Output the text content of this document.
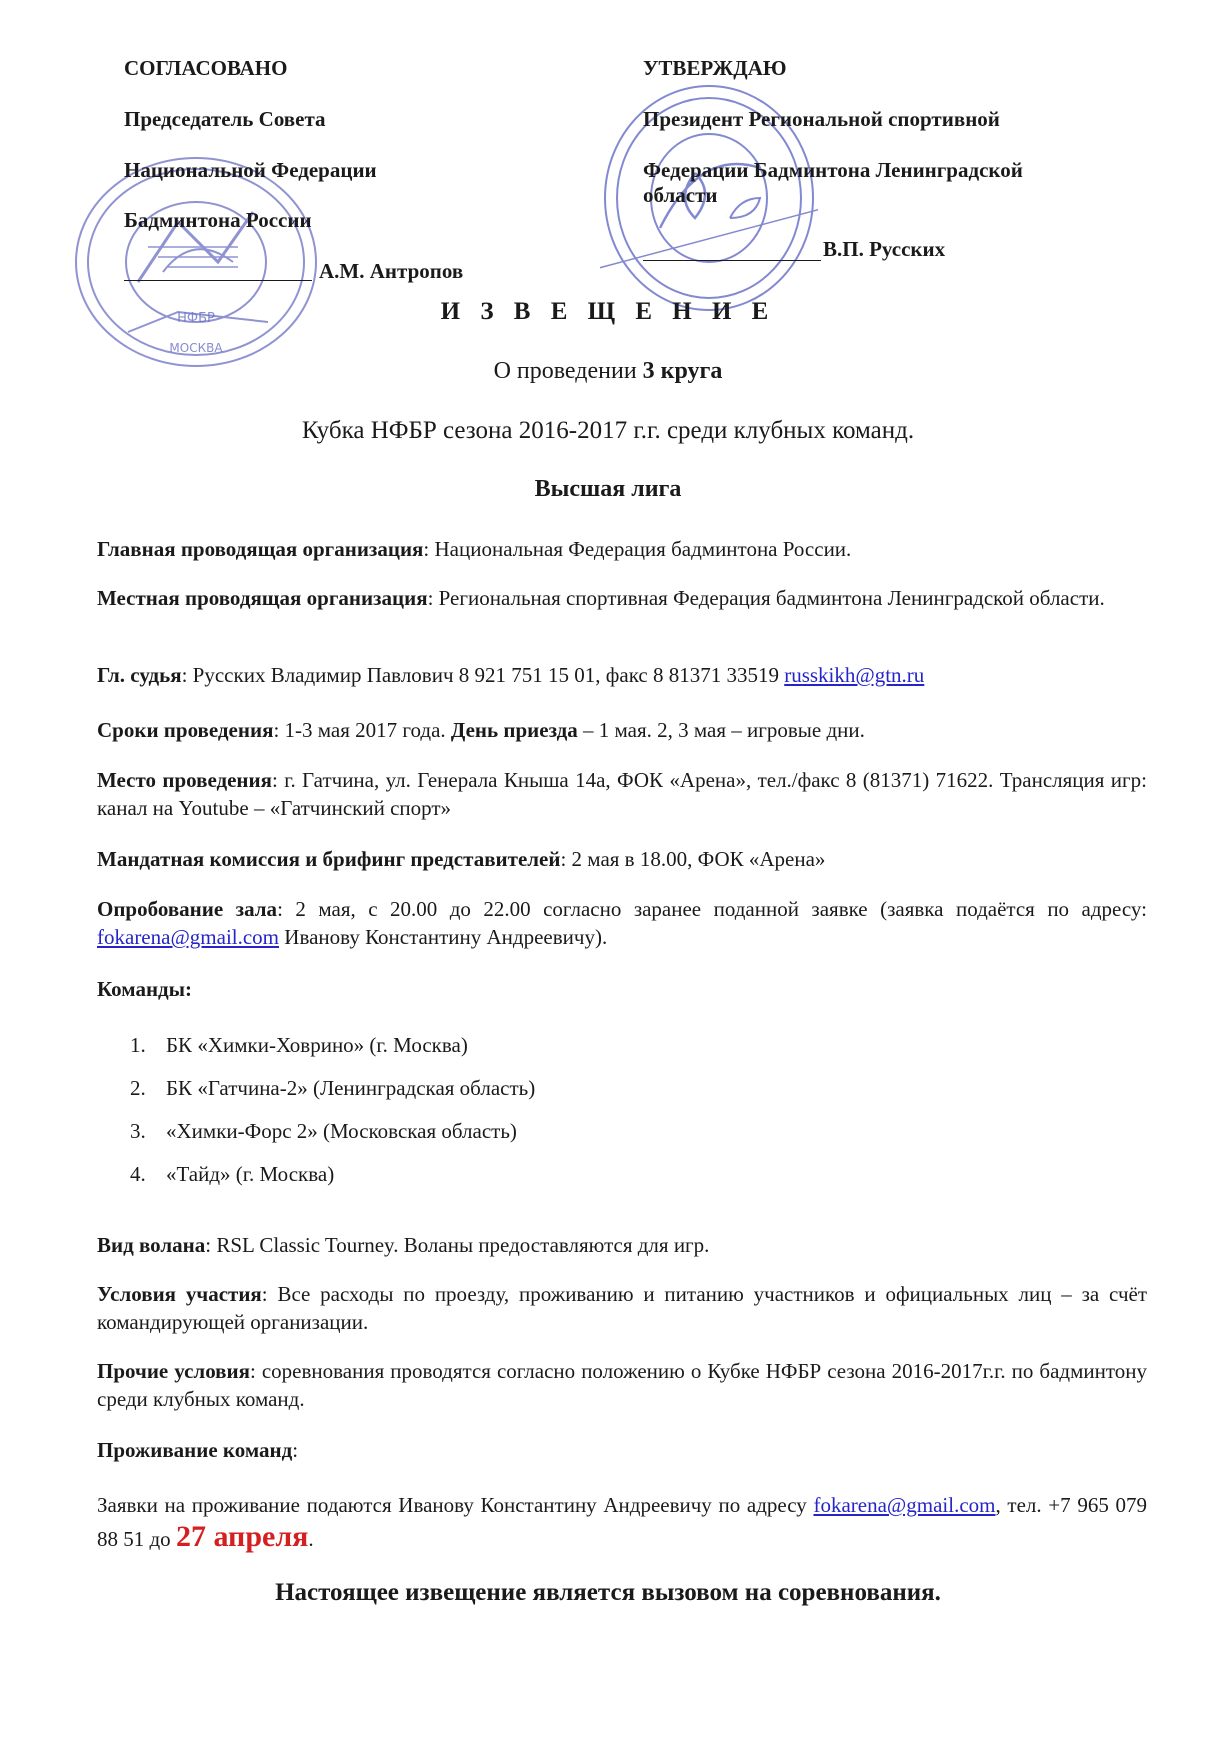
НФБР
МОСКВА
СОГЛАСОВАНО
Председатель Совета
Национальной Федерации
Бадминтона России
А.М. Антропов
УТВЕРЖДАЮ
Президент Региональной спортивной
Федерации Бадминтона Ленинградской
области
В.П. Русских
И З В Е Щ Е Н И Е
О проведении 3 круга
Кубка НФБР сезона 2016-2017 г.г. среди клубных команд.
Высшая лига
Главная проводящая организация: Национальная Федерация бадминтона России.
Местная проводящая организация: Региональная спортивная Федерация бадминтона Ленинградской области.
Гл. судья: Русских Владимир Павлович 8 921 751 15 01, факс 8 81371 33519 russkikh@gtn.ru
Сроки проведения: 1-3 мая 2017 года. День приезда – 1 мая. 2, 3 мая – игровые дни.
Место проведения: г. Гатчина, ул. Генерала Кныша 14а, ФОК «Арена», тел./факс 8 (81371) 71622. Трансляция игр: канал на Youtube – «Гатчинский спорт»
Мандатная комиссия и брифинг представителей: 2 мая в 18.00, ФОК «Арена»
Опробование зала: 2 мая, с 20.00 до 22.00 согласно заранее поданной заявке (заявка подаётся по адресу: fokarena@gmail.com Иванову Константину Андреевичу).
Команды:
1. БК «Химки-Ховрино» (г. Москва)
2. БК «Гатчина-2» (Ленинградская область)
3. «Химки-Форс 2» (Московская область)
4. «Тайд» (г. Москва)
Вид волана: RSL Classic Tourney. Воланы предоставляются для игр.
Условия участия: Все расходы по проезду, проживанию и питанию участников и официальных лиц – за счёт командирующей организации.
Прочие условия: соревнования проводятся согласно положению о Кубке НФБР сезона 2016-2017г.г. по бадминтону среди клубных команд.
Проживание команд:
Заявки на проживание подаются Иванову Константину Андреевичу по адресу fokarena@gmail.com, тел. +7 965 079 88 51 до 27 апреля.
Настоящее извещение является вызовом на соревнования.
